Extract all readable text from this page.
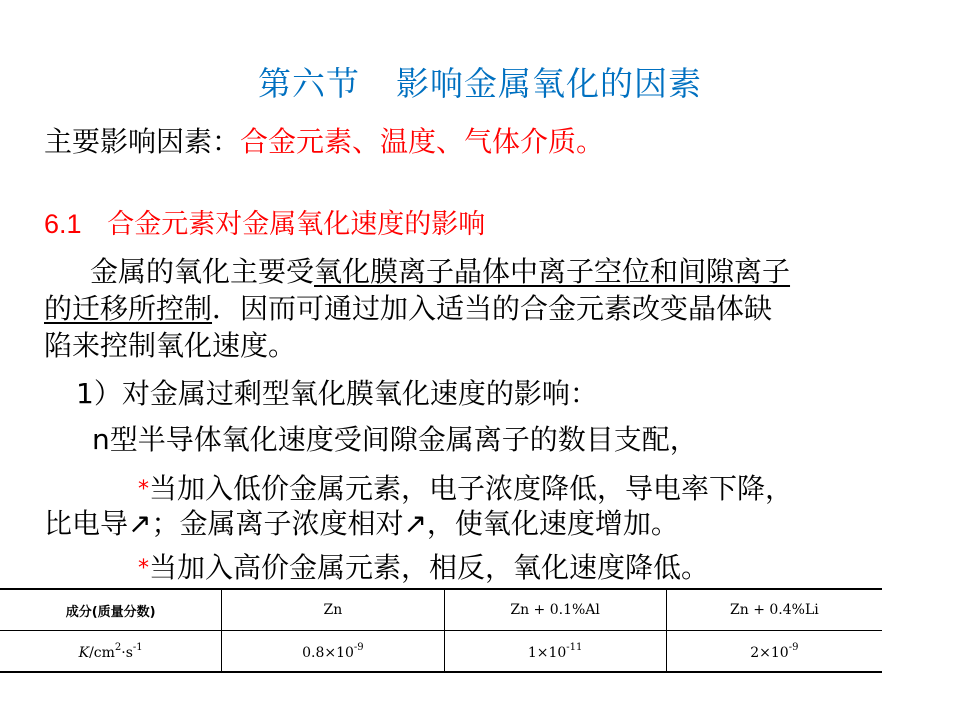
第六节 影响金属氧化的因素
主要影响因素：合金元素、温度、气体介质。
6.1 合金元素对金属氧化速度的影响
金属的氧化主要受氧化膜离子晶体中离子空位和间隙离子
的迁移所控制．因而可通过加入适当的合金元素改变晶体缺
陷来控制氧化速度。
1）对金属过剩型氧化膜氧化速度的影响：
n型半导体氧化速度受间隙金属离子的数目支配，
*当加入低价金属元素，电子浓度降低，导电率下降，
比电导↗；金属离子浓度相对↗，使氧化速度增加。
*当加入高价金属元素，相反，氧化速度降低。
成分(质量分数)	Zn	Zn + 0.1%Al	Zn + 0.4%Li
$K/cm^2\cdot s^{-1}$	$0.8\times 10^{-9}$	$1\times 10^{-11}$	$2\times 10^{-9}$
